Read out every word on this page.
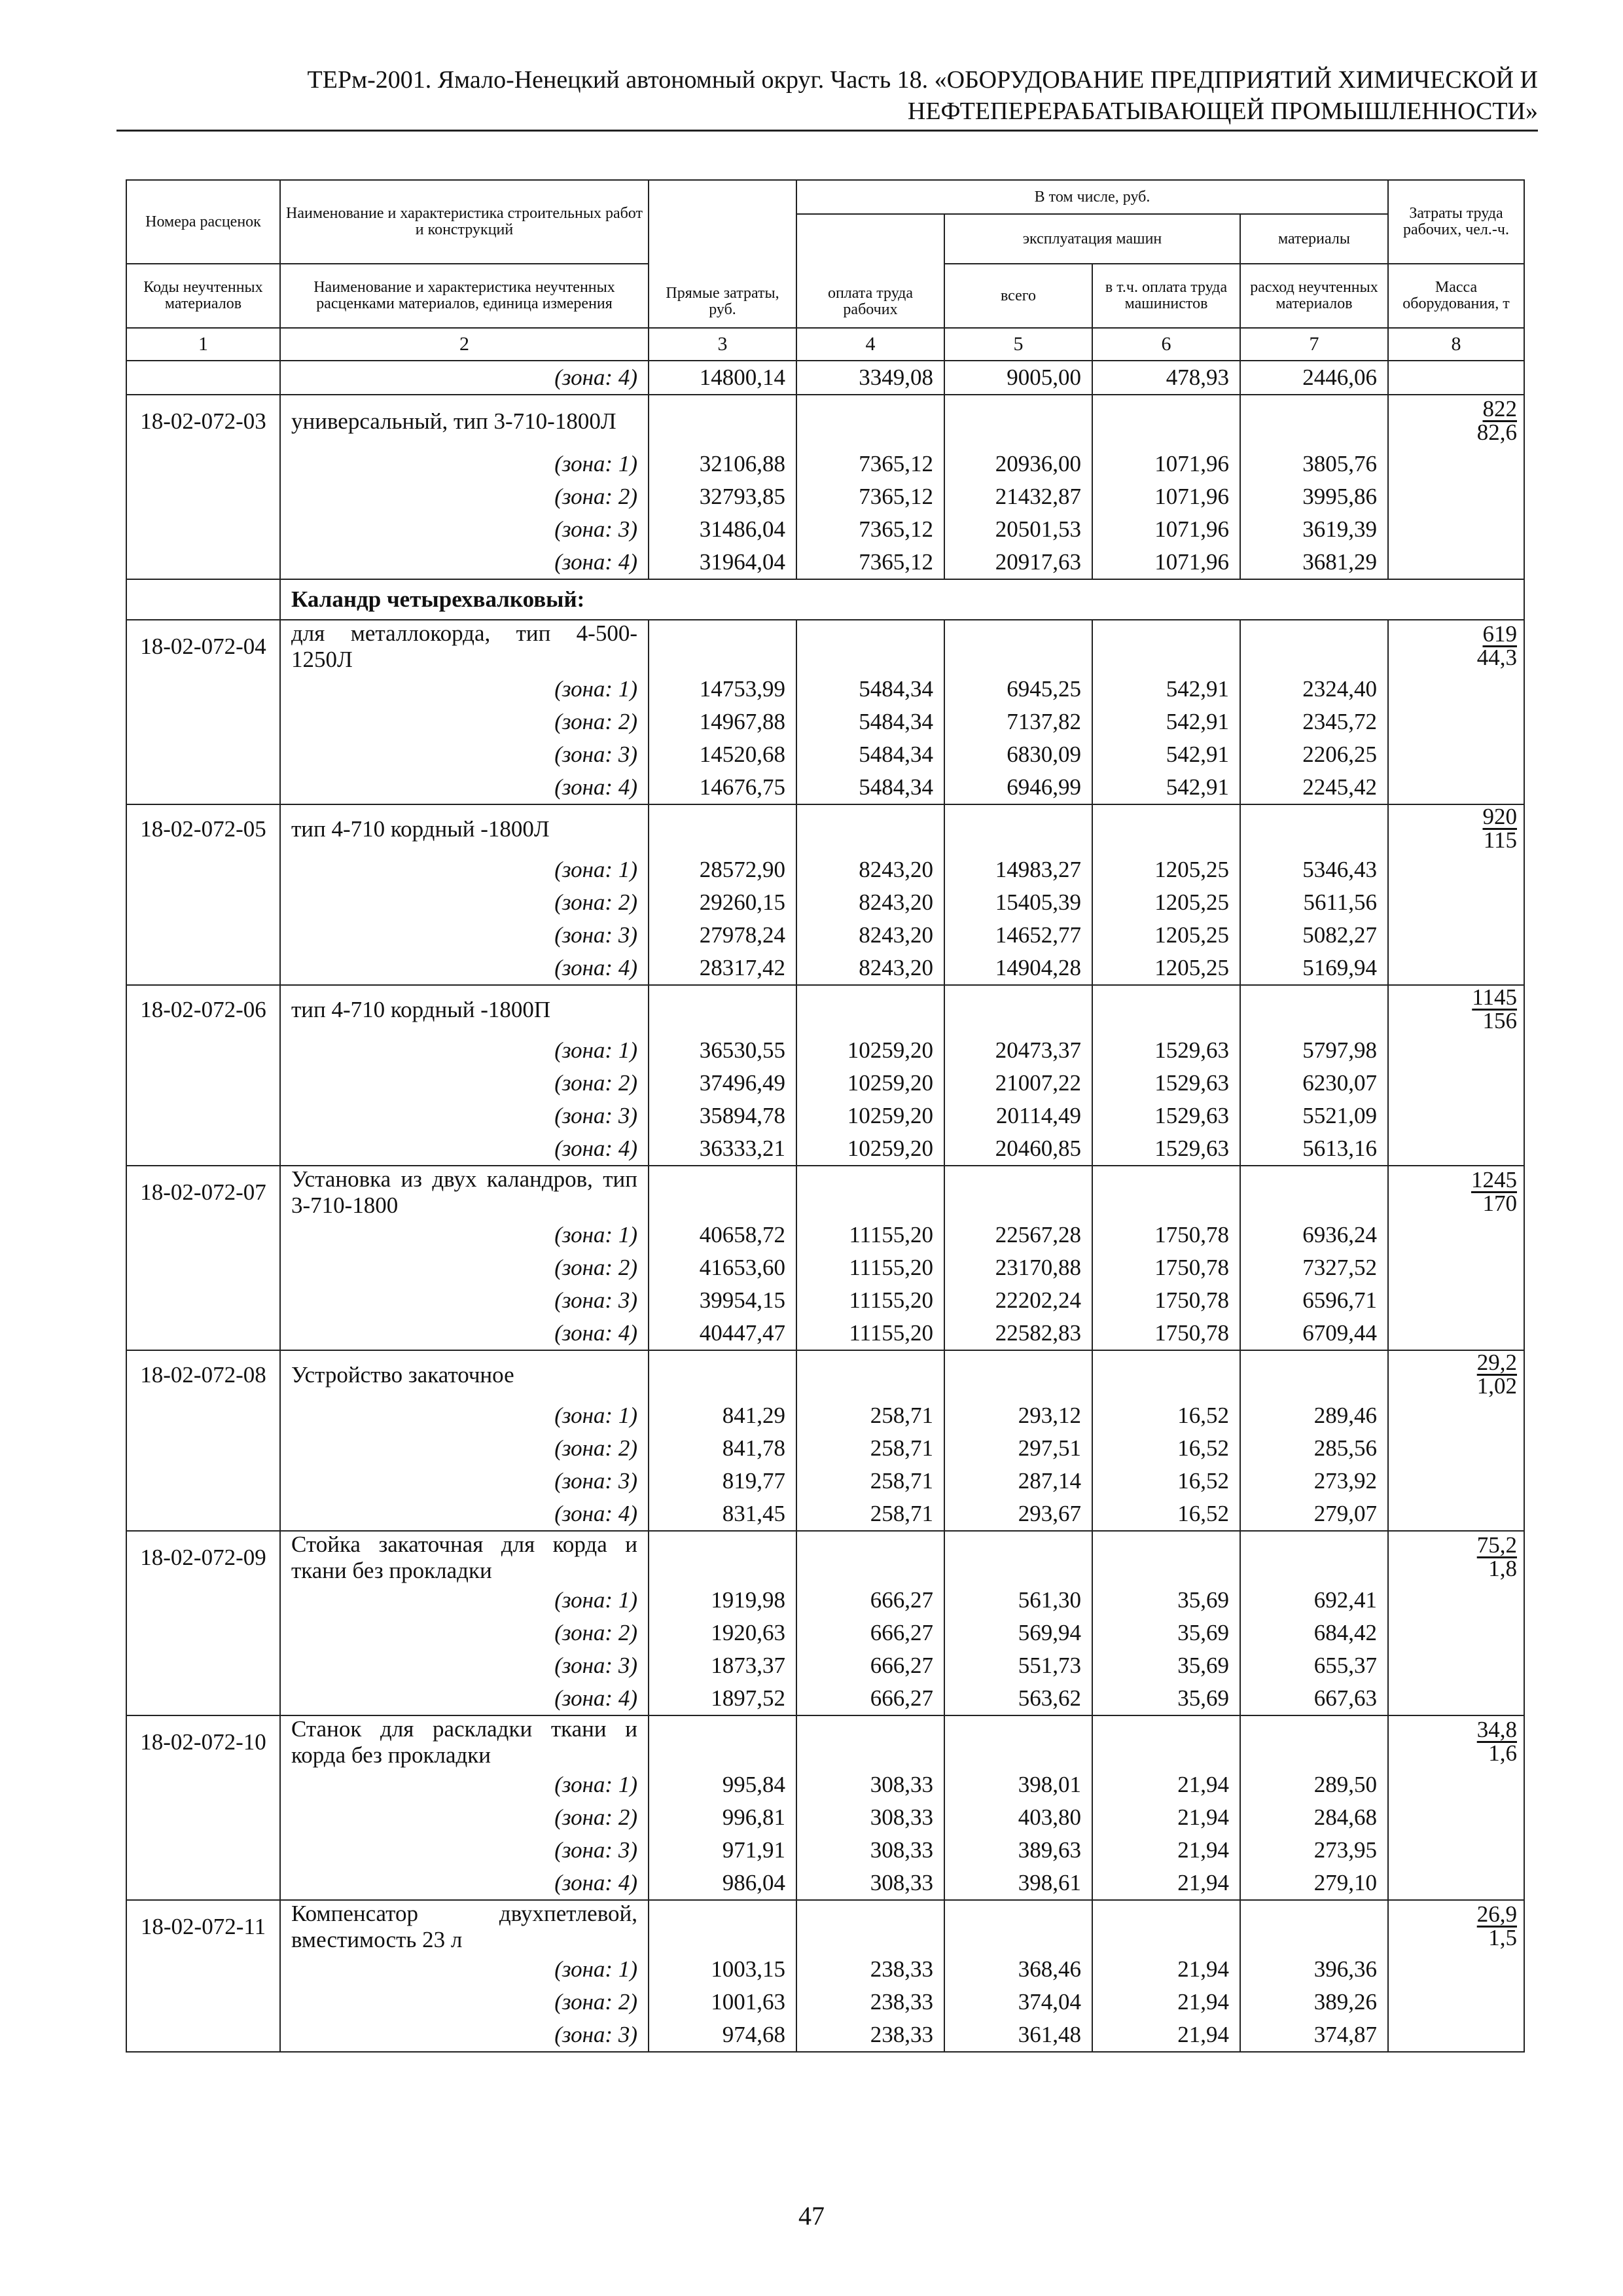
ТЕРм-2001. Ямало-Ненецкий автономный округ. Часть 18. «ОБОРУДОВАНИЕ ПРЕДПРИЯТИЙ ХИМИЧЕСКОЙ И
НЕФТЕПЕРЕРАБАТЫВАЮЩЕЙ ПРОМЫШЛЕННОСТИ»
Номера расценок	Наименование и характеристика строительных работ и конструкций	Прямые затраты, руб.	В том числе, руб.				Затраты труда рабочих, чел.-ч.

			оплата труда рабочих	эксплуатация машин		материалы	
Коды неучтенных материалов	Наименование и характеристика неучтенных расценками материалов, единица измерения			всего	в т.ч. оплата труда машинистов	расход неучтенных материалов	Масса оборудования, т
1	2	3	4	5	6	7	8
	(зона: 4)	14800,14	3349,08	9005,00	478,93	2446,06	
18-02-072-03	универсальный, тип 3-710-1800Л						$\frac{822}{82,6}$

	(зона: 1)	32106,88	7365,12	20936,00	1071,96	3805,76	
	(зона: 2)	32793,85	7365,12	21432,87	1071,96	3995,86	
	(зона: 3)	31486,04	7365,12	20501,53	1071,96	3619,39	
	(зона: 4)	31964,04	7365,12	20917,63	1071,96	3681,29	
	Каландр четырехвалковый:						
18-02-072-04	для металлокорда, тип 4-500-1250Л						$\frac{619}{44,3}$

	(зона: 1)	14753,99	5484,34	6945,25	542,91	2324,40	
	(зона: 2)	14967,88	5484,34	7137,82	542,91	2345,72	
	(зона: 3)	14520,68	5484,34	6830,09	542,91	2206,25	
	(зона: 4)	14676,75	5484,34	6946,99	542,91	2245,42	
18-02-072-05	тип 4-710 кордный -1800Л						$\frac{920}{115}$

	(зона: 1)	28572,90	8243,20	14983,27	1205,25	5346,43	
	(зона: 2)	29260,15	8243,20	15405,39	1205,25	5611,56	
	(зона: 3)	27978,24	8243,20	14652,77	1205,25	5082,27	
	(зона: 4)	28317,42	8243,20	14904,28	1205,25	5169,94	
18-02-072-06	тип 4-710 кордный -1800П						$\frac{1145}{156}$

	(зона: 1)	36530,55	10259,20	20473,37	1529,63	5797,98	
	(зона: 2)	37496,49	10259,20	21007,22	1529,63	6230,07	
	(зона: 3)	35894,78	10259,20	20114,49	1529,63	5521,09	
	(зона: 4)	36333,21	10259,20	20460,85	1529,63	5613,16	
18-02-072-07	Установка из двух каландров, тип 3-710-1800						$\frac{1245}{170}$

	(зона: 1)	40658,72	11155,20	22567,28	1750,78	6936,24	
	(зона: 2)	41653,60	11155,20	23170,88	1750,78	7327,52	
	(зона: 3)	39954,15	11155,20	22202,24	1750,78	6596,71	
	(зона: 4)	40447,47	11155,20	22582,83	1750,78	6709,44	
18-02-072-08	Устройство закаточное						$\frac{29,2}{1,02}$

	(зона: 1)	841,29	258,71	293,12	16,52	289,46	
	(зона: 2)	841,78	258,71	297,51	16,52	285,56	
	(зона: 3)	819,77	258,71	287,14	16,52	273,92	
	(зона: 4)	831,45	258,71	293,67	16,52	279,07	
18-02-072-09	Стойка закаточная для корда и ткани без прокладки						$\frac{75,2}{1,8}$

	(зона: 1)	1919,98	666,27	561,30	35,69	692,41	
	(зона: 2)	1920,63	666,27	569,94	35,69	684,42	
	(зона: 3)	1873,37	666,27	551,73	35,69	655,37	
	(зона: 4)	1897,52	666,27	563,62	35,69	667,63	
18-02-072-10	Станок для раскладки ткани и корда без прокладки						$\frac{34,8}{1,6}$

	(зона: 1)	995,84	308,33	398,01	21,94	289,50	
	(зона: 2)	996,81	308,33	403,80	21,94	284,68	
	(зона: 3)	971,91	308,33	389,63	21,94	273,95	
	(зона: 4)	986,04	308,33	398,61	21,94	279,10	
18-02-072-11	Компенсатор двухпетлевой, вместимость 23 л						$\frac{26,9}{1,5}$

	(зона: 1)	1003,15	238,33	368,46	21,94	396,36	
	(зона: 2)	1001,63	238,33	374,04	21,94	389,26	
	(зона: 3)	974,68	238,33	361,48	21,94	374,87	
47
